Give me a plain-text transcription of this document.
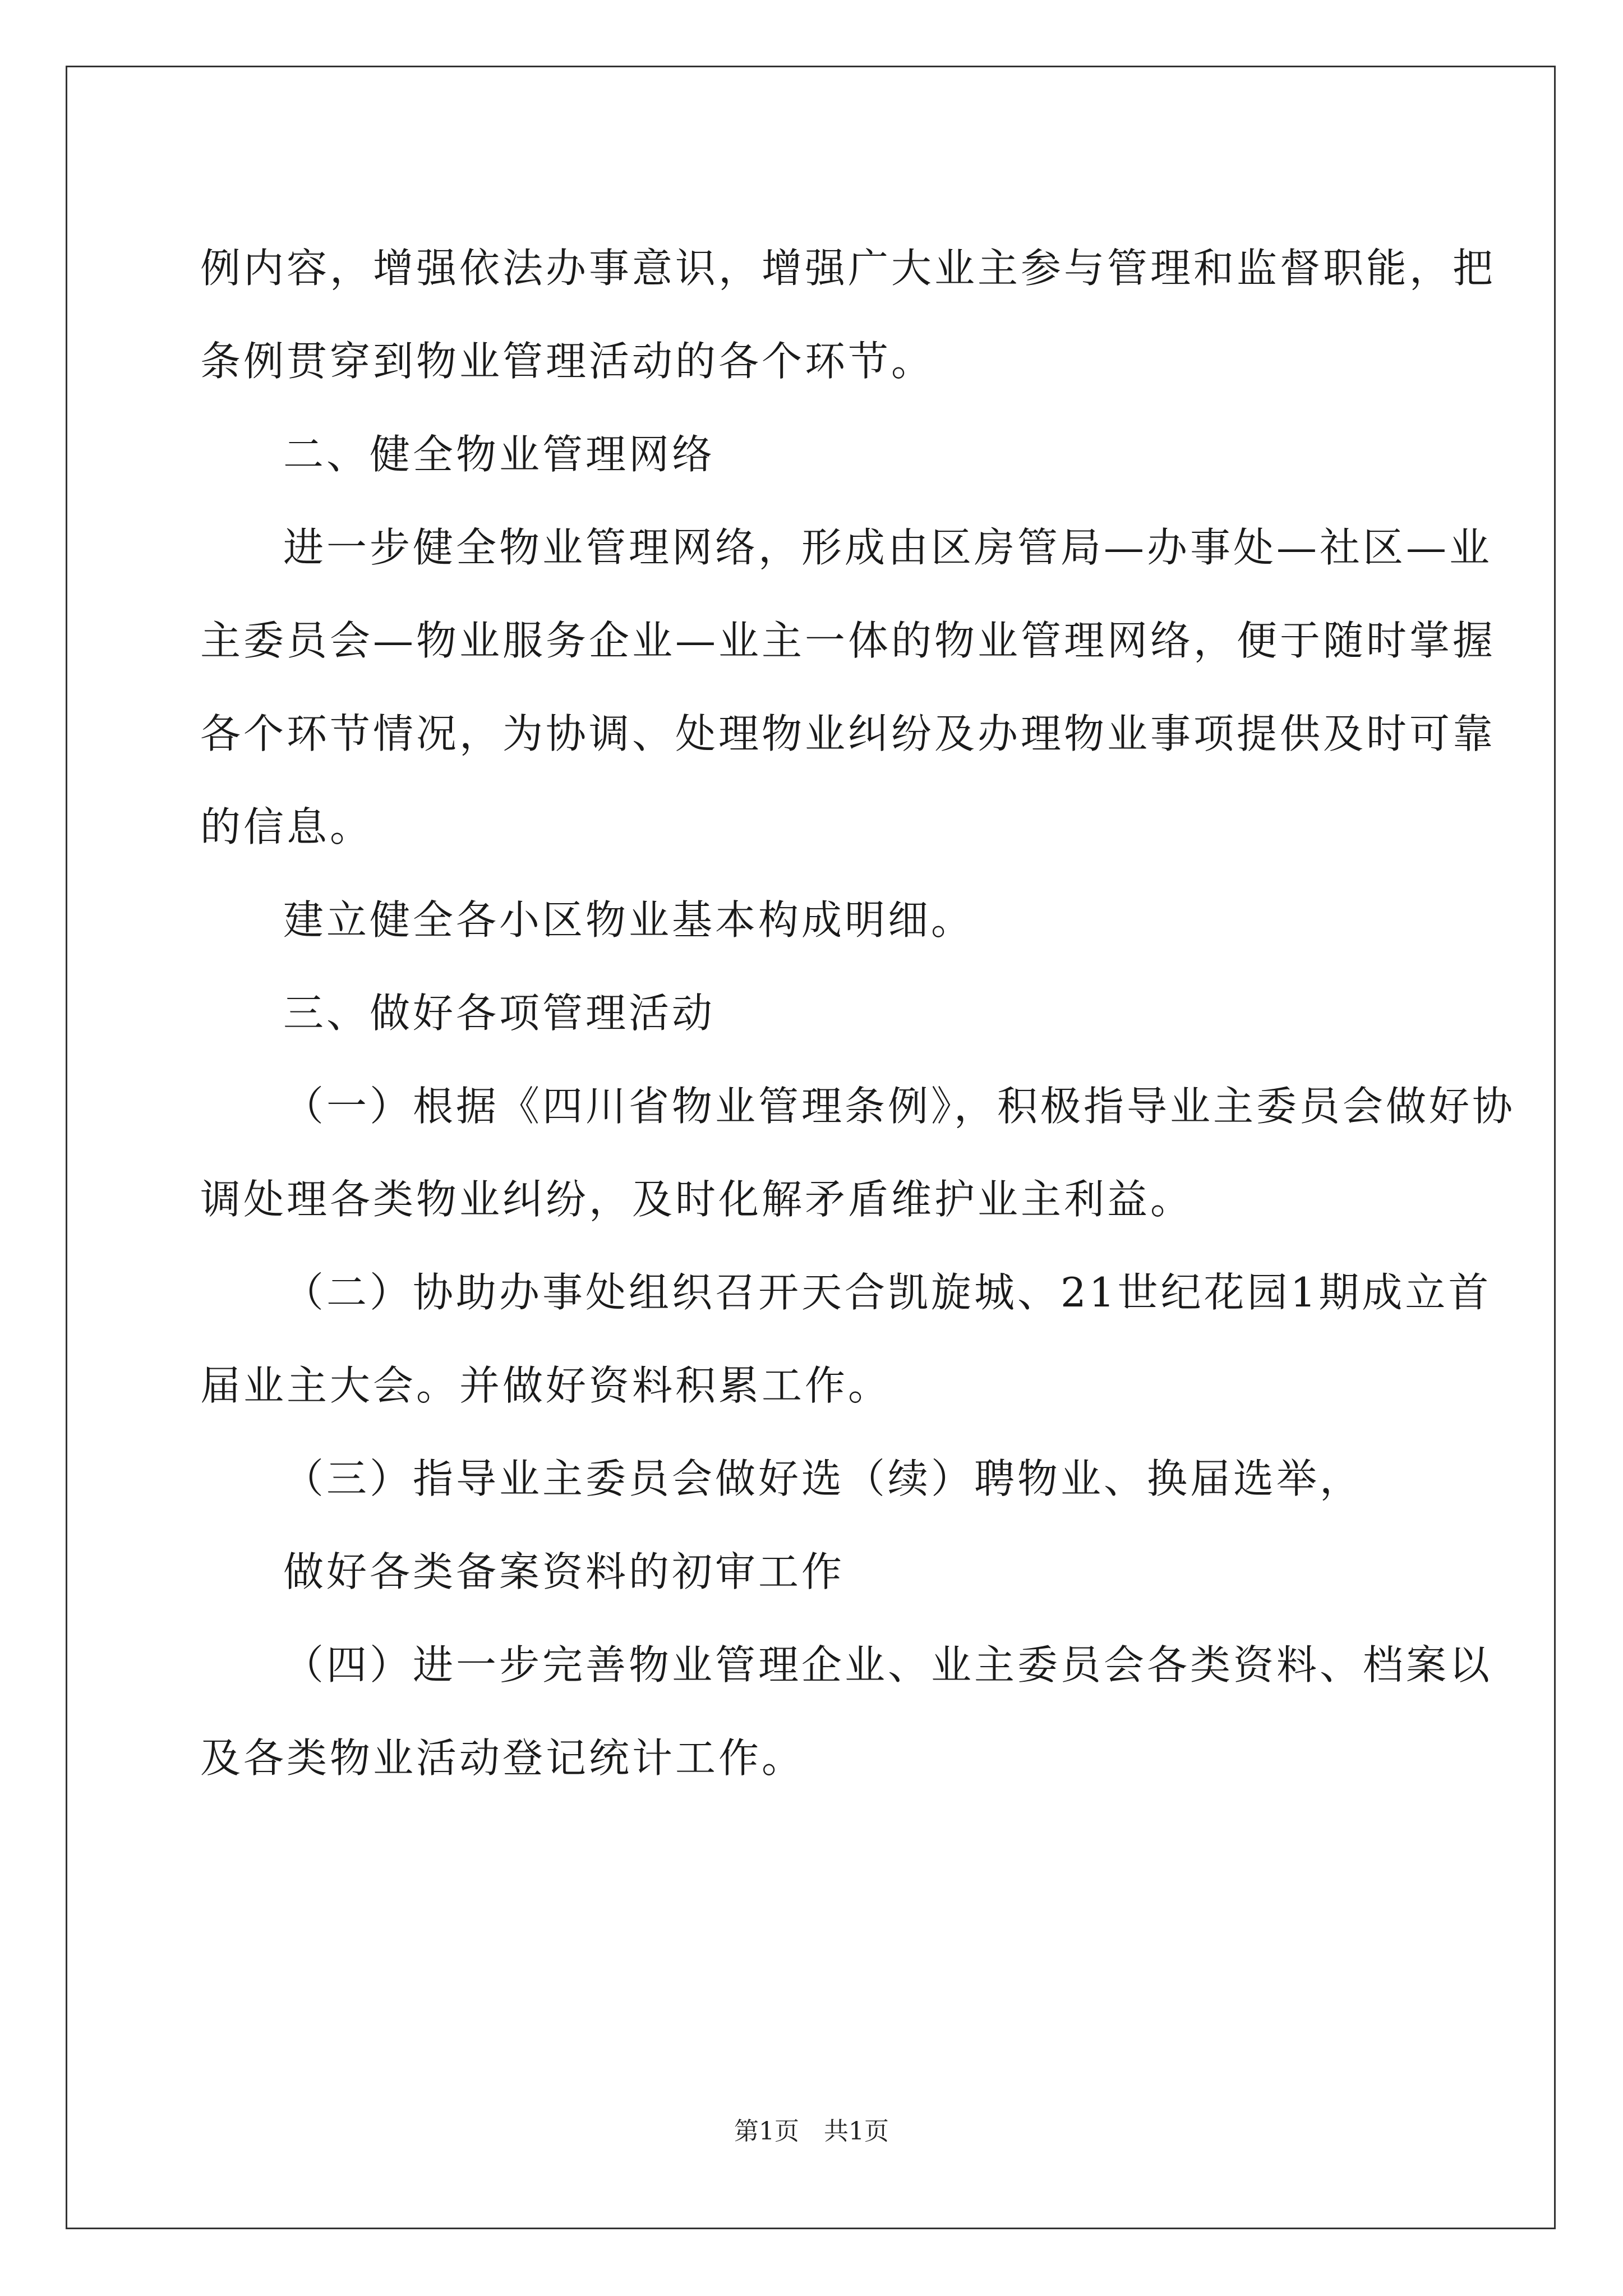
例内容，增强依法办事意识，增强广大业主参与管理和监督职能，把

条例贯穿到物业管理活动的各个环节。

二、健全物业管理网络

进一步健全物业管理网络，形成由区房管局—办事处—社区—业

主委员会—物业服务企业—业主一体的物业管理网络，便于随时掌握

各个环节情况，为协调、处理物业纠纷及办理物业事项提供及时可靠

的信息。

建立健全各小区物业基本构成明细。

三、做好各项管理活动

（一）根据《四川省物业管理条例》，积极指导业主委员会做好协

调处理各类物业纠纷，及时化解矛盾维护业主利益。

（二）协助办事处组织召开天合凯旋城、21世纪花园1期成立首

届业主大会。并做好资料积累工作。

（三）指导业主委员会做好选（续）聘物业、换届选举，

做好各类备案资料的初审工作

（四）进一步完善物业管理企业、业主委员会各类资料、档案以

及各类物业活动登记统计工作。

第1页　共1页
